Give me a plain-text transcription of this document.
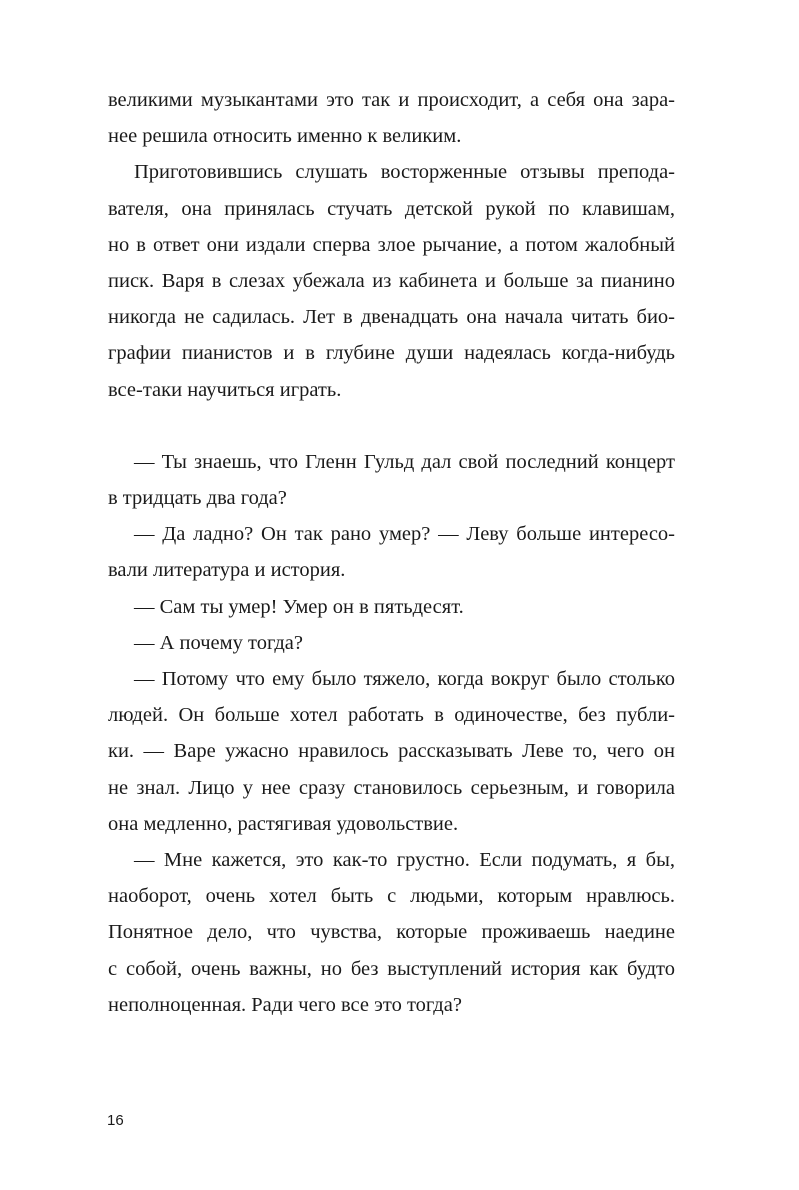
великими музыкантами это так и происходит, а себя она зара-
нее решила относить именно к великим.

Приготовившись слушать восторженные отзывы препода-
вателя, она принялась стучать детской рукой по клавишам,
но в ответ они издали сперва злое рычание, а потом жалобный
писк. Варя в слезах убежала из кабинета и больше за пианино
никогда не садилась. Лет в двенадцать она начала читать био-
графии пианистов и в глубине души надеялась когда-нибудь
все-таки научиться играть.

— Ты знаешь, что Гленн Гульд дал свой последний концерт
в тридцать два года?

— Да ладно? Он так рано умер? — Леву больше интересо-
вали литература и история.

— Сам ты умер! Умер он в пятьдесят.

— А почему тогда?

— Потому что ему было тяжело, когда вокруг было столько
людей. Он больше хотел работать в одиночестве, без публи-
ки. — Варе ужасно нравилось рассказывать Леве то, чего он
не знал. Лицо у нее сразу становилось серьезным, и говорила
она медленно, растягивая удовольствие.

— Мне кажется, это как-то грустно. Если подумать, я бы,
наоборот, очень хотел быть с людьми, которым нравлюсь.
Понятное дело, что чувства, которые проживаешь наедине
с собой, очень важны, но без выступлений история как будто
неполноценная. Ради чего все это тогда?

16
